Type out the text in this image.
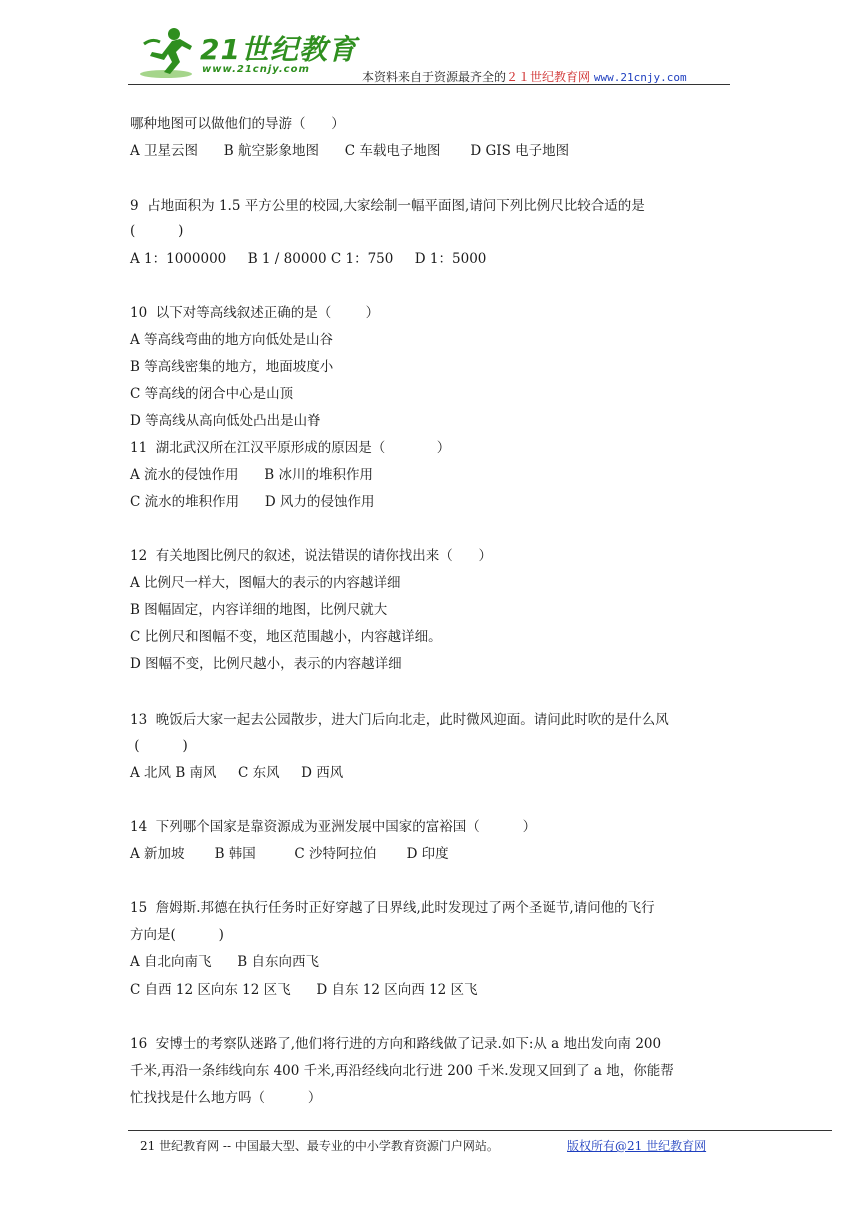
21世纪教育
www.21cnjy.com
本资料来自于资源最齐全的２１世纪教育网 www.21cnjy.com
哪种地图可以做他们的导游（      ）
A 卫星云图      B 航空影象地图      C 车载电子地图       D GIS 电子地图
9  占地面积为 1.5 平方公里的校园,大家绘制一幅平面图,请问下列比例尺比较合适的是
(          )
A 1：1000000     B 1 / 80000 C 1：750     D 1：5000
10  以下对等高线叙述正确的是（        ）
A 等高线弯曲的地方向低处是山谷
B 等高线密集的地方，地面坡度小
C 等高线的闭合中心是山顶
D 等高线从高向低处凸出是山脊
11  湖北武汉所在江汉平原形成的原因是（            ）
A 流水的侵蚀作用      B 冰川的堆积作用
C 流水的堆积作用      D 风力的侵蚀作用
12  有关地图比例尺的叙述，说法错误的请你找出来（      ）
A 比例尺一样大，图幅大的表示的内容越详细
B 图幅固定，内容详细的地图，比例尺就大
C 比例尺和图幅不变，地区范围越小，内容越详细。
D 图幅不变，比例尺越小，表示的内容越详细
13  晚饭后大家一起去公园散步，进大门后向北走，此时微风迎面。请问此时吹的是什么风
(          )
A 北风 B 南风     C 东风     D 西风
14  下列哪个国家是靠资源成为亚洲发展中国家的富裕国（          ）
A 新加坡       B 韩国         C 沙特阿拉伯       D 印度
15  詹姆斯.邦德在执行任务时正好穿越了日界线,此时发现过了两个圣诞节,请问他的飞行
方向是(          )
A 自北向南飞      B 自东向西飞
C 自西 12 区向东 12 区飞      D 自东 12 区向西 12 区飞
16  安博士的考察队迷路了,他们将行进的方向和路线做了记录.如下:从 a 地出发向南 200
千米,再沿一条纬线向东 400 千米,再沿经线向北行进 200 千米.发现又回到了 a 地，你能帮
忙找找是什么地方吗（          ）
21 世纪教育网 -- 中国最大型、最专业的中小学教育资源门户网站。	版权所有@21 世纪教育网
